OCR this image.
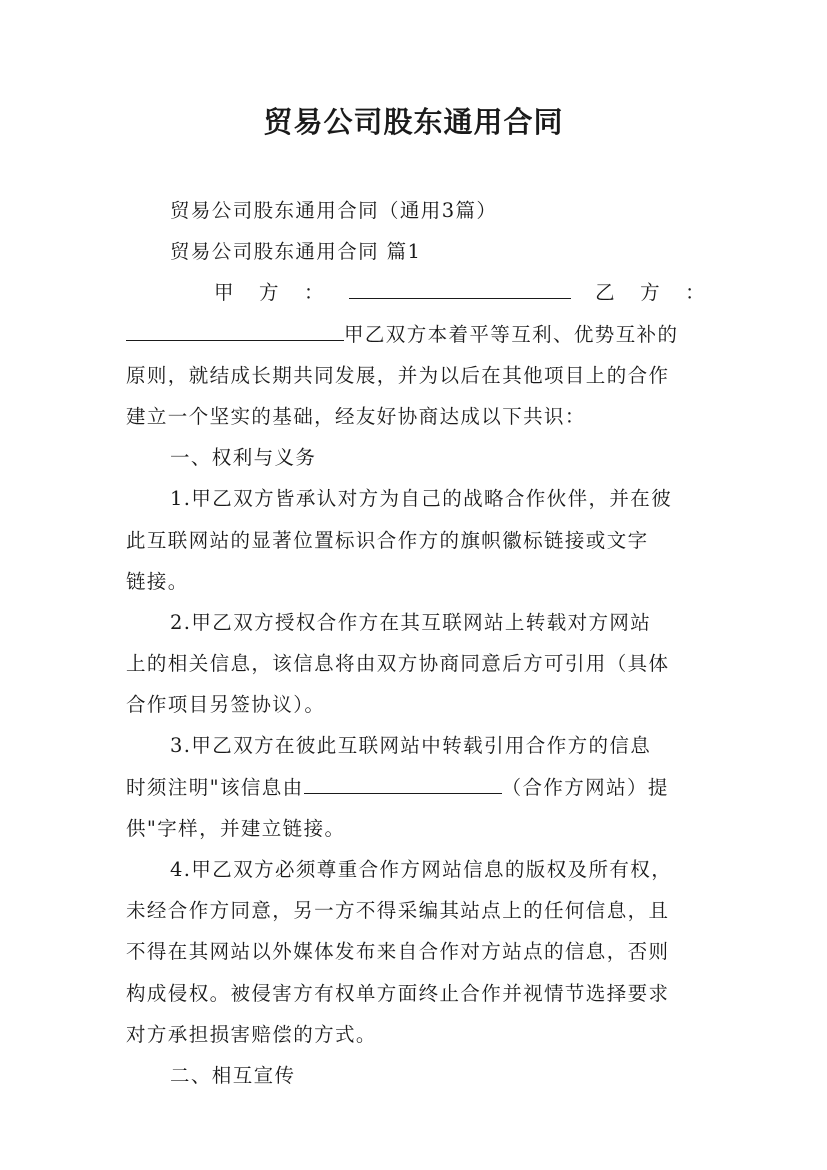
贸易公司股东通用合同
贸易公司股东通用合同（通用3篇）
贸易公司股东通用合同 篇1
甲 方 ：	乙 方 ：
甲乙双方本着平等互利、优势互补的
原则，就结成长期共同发展，并为以后在其他项目上的合作
建立一个坚实的基础，经友好协商达成以下共识：
一、权利与义务
1.甲乙双方皆承认对方为自己的战略合作伙伴，并在彼
此互联网站的显著位置标识合作方的旗帜徽标链接或文字
链接。
2.甲乙双方授权合作方在其互联网站上转载对方网站
上的相关信息，该信息将由双方协商同意后方可引用（具体
合作项目另签协议）。
3.甲乙双方在彼此互联网站中转载引用合作方的信息
时须注明"该信息由	（合作方网站）提
供"字样，并建立链接。
4.甲乙双方必须尊重合作方网站信息的版权及所有权，
未经合作方同意，另一方不得采编其站点上的任何信息，且
不得在其网站以外媒体发布来自合作对方站点的信息，否则
构成侵权。被侵害方有权单方面终止合作并视情节选择要求
对方承担损害赔偿的方式。
二、相互宣传
